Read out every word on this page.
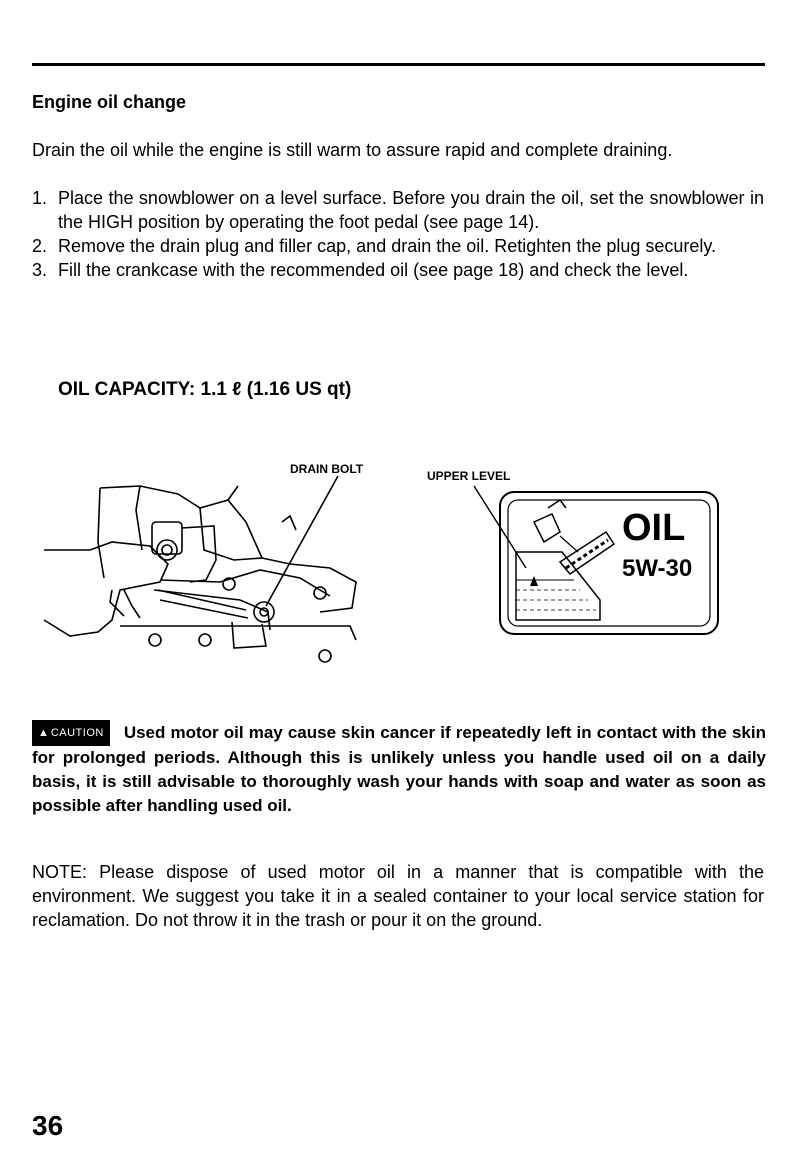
Engine oil change

Drain the oil while the engine is still warm to assure rapid and complete draining.

1. Place the snowblower on a level surface. Before you drain the oil, set the snowblower in the HIGH position by operating the foot pedal (see page 14).
2. Remove the drain plug and filler cap, and drain the oil. Retighten the plug securely.
3. Fill the crankcase with the recommended oil (see page 18) and check the level.
OIL CAPACITY: 1.1 ℓ (1.16 US qt)
DRAIN BOLT	UPPER LEVEL
OIL
5W-30
▲ CAUTION Used motor oil may cause skin cancer if repeatedly left in contact with the skin for prolonged periods. Although this is unlikely unless you handle used oil on a daily basis, it is still advisable to thoroughly wash your hands with soap and water as soon as possible after handling used oil.

NOTE: Please dispose of used motor oil in a manner that is compatible with the environment. We suggest you take it in a sealed container to your local service station for reclamation. Do not throw it in the trash or pour it on the ground.

36
